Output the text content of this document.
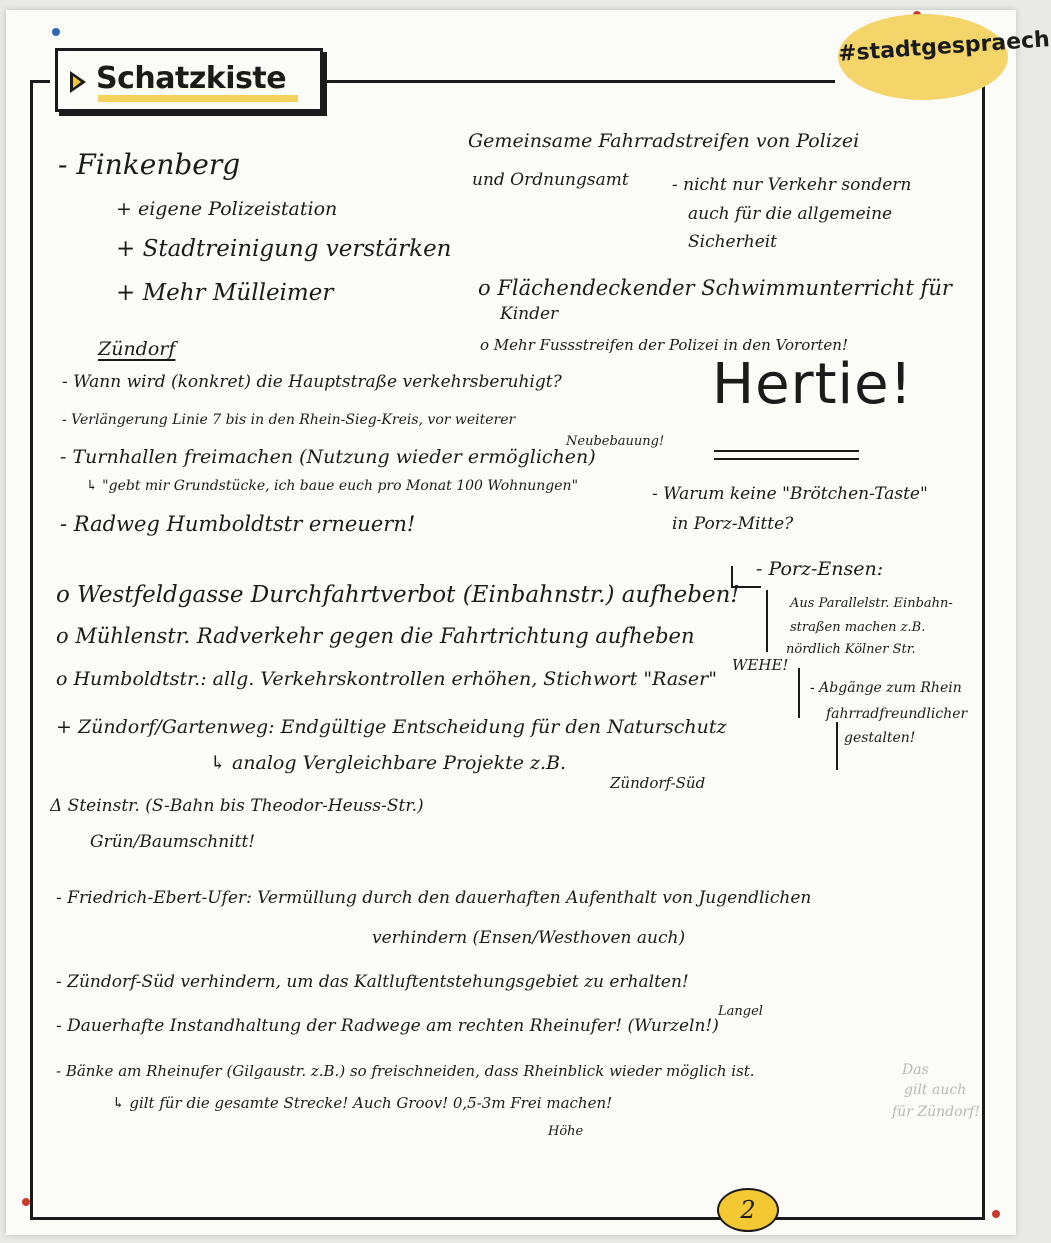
Schatzkiste
#stadtgespraech
- Finkenberg
+ eigene Polizeistation
+ Stadtreinigung verstärken
+ Mehr Mülleimer
Gemeinsame Fahrradstreifen von Polizei
und Ordnungsamt	- nicht nur Verkehr sondern
auch für die allgemeine
Sicherheit
o Flächendeckender Schwimmunterricht für
Kinder
o Mehr Fussstreifen der Polizei in den Vororten!
Zündorf
- Wann wird (konkret) die Hauptstraße verkehrsberuhigt?
- Verlängerung Linie 7 bis in den Rhein-Sieg-Kreis, vor weiterer
Neubebauung!
- Turnhallen freimachen (Nutzung wieder ermöglichen)
↳ "gebt mir Grundstücke, ich baue euch pro Monat 100 Wohnungen"
- Radweg Humboldtstr erneuern!
Hertie!
- Warum keine "Brötchen-Taste"
in Porz-Mitte?
- Porz-Ensen:
Aus Parallelstr. Einbahn-
straßen machen z.B.
nördlich Kölner Str.
o Westfeldgasse Durchfahrtverbot (Einbahnstr.) aufheben!
o Mühlenstr. Radverkehr gegen die Fahrtrichtung aufheben
WEHE!
o Humboldtstr.: allg. Verkehrskontrollen erhöhen, Stichwort "Raser"	- Abgänge zum Rhein
fahrradfreundlicher
gestalten!
+ Zündorf/Gartenweg: Endgültige Entscheidung für den Naturschutz
↳ analog Vergleichbare Projekte z.B.
Zündorf-Süd
Δ Steinstr. (S-Bahn bis Theodor-Heuss-Str.)
Grün/Baumschnitt!
- Friedrich-Ebert-Ufer: Vermüllung durch den dauerhaften Aufenthalt von Jugendlichen
verhindern (Ensen/Westhoven auch)
- Zündorf-Süd verhindern, um das Kaltluftentstehungsgebiet zu erhalten!
Langel
- Dauerhafte Instandhaltung der Radwege am rechten Rheinufer! (Wurzeln!)
- Bänke am Rheinufer (Gilgaustr. z.B.) so freischneiden, dass Rheinblick wieder möglich ist.
↳ gilt für die gesamte Strecke! Auch Groov! 0,5-3m Frei machen!
Höhe
Das
gilt auch
für Zündorf!
2
